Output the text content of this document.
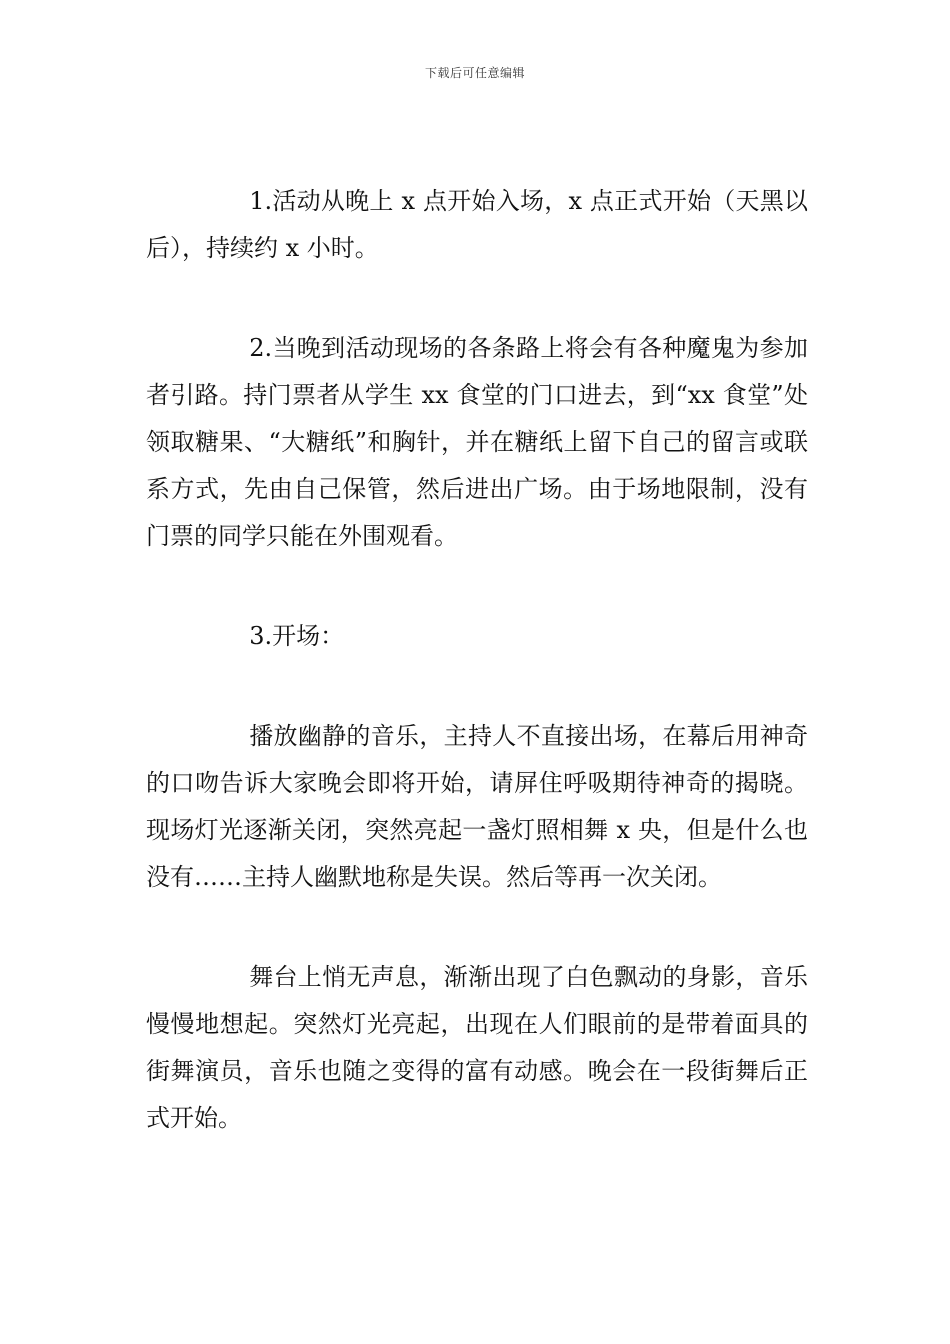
下载后可任意编辑

1.活动从晚上 x 点开始入场，x 点正式开始（天黑以后），持续约 x 小时。

2.当晚到活动现场的各条路上将会有各种魔鬼为参加者引路。持门票者从学生 xx 食堂的门口进去，到“xx 食堂”处领取糖果、“大糖纸”和胸针，并在糖纸上留下自己的留言或联系方式，先由自己保管，然后进出广场。由于场地限制，没有门票的同学只能在外围观看。

3.开场：

播放幽静的音乐，主持人不直接出场，在幕后用神奇的口吻告诉大家晚会即将开始，请屏住呼吸期待神奇的揭晓。现场灯光逐渐关闭，突然亮起一盏灯照相舞 x 央，但是什么也没有……主持人幽默地称是失误。然后等再一次关闭。

舞台上悄无声息，渐渐出现了白色飘动的身影，音乐慢慢地想起。突然灯光亮起，出现在人们眼前的是带着面具的街舞演员，音乐也随之变得的富有动感。晚会在一段街舞后正式开始。
